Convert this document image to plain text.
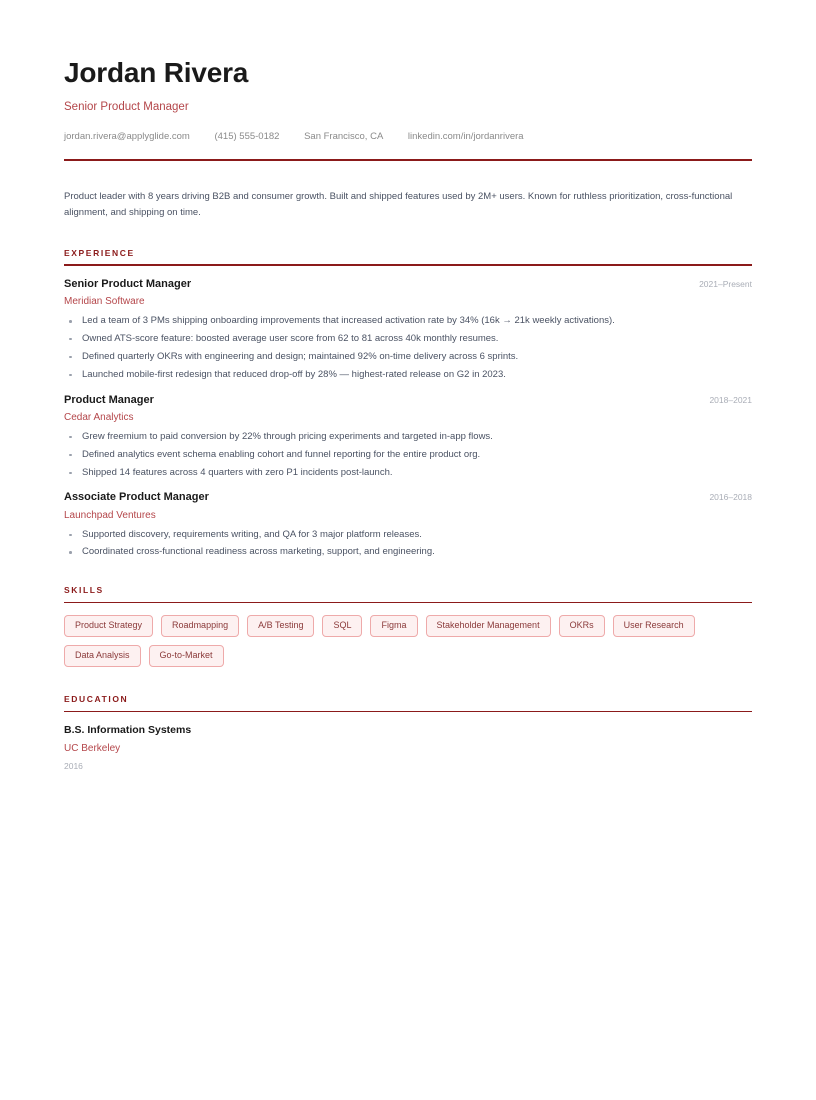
Jordan Rivera
Senior Product Manager
jordan.rivera@applyglide.com	(415) 555-0182	San Francisco, CA	linkedin.com/in/jordanrivera
Product leader with 8 years driving B2B and consumer growth. Built and shipped features used by 2M+ users. Known for ruthless prioritization, cross-functional alignment, and shipping on time.
EXPERIENCE
Senior Product Manager	2021–Present
Meridian Software
Led a team of 3 PMs shipping onboarding improvements that increased activation rate by 34% (16k → 21k weekly activations).
Owned ATS-score feature: boosted average user score from 62 to 81 across 40k monthly resumes.
Defined quarterly OKRs with engineering and design; maintained 92% on-time delivery across 6 sprints.
Launched mobile-first redesign that reduced drop-off by 28% — highest-rated release on G2 in 2023.
Product Manager	2018–2021
Cedar Analytics
Grew freemium to paid conversion by 22% through pricing experiments and targeted in-app flows.
Defined analytics event schema enabling cohort and funnel reporting for the entire product org.
Shipped 14 features across 4 quarters with zero P1 incidents post-launch.
Associate Product Manager	2016–2018
Launchpad Ventures
Supported discovery, requirements writing, and QA for 3 major platform releases.
Coordinated cross-functional readiness across marketing, support, and engineering.
SKILLS
Product Strategy	Roadmapping	A/B Testing	SQL	Figma	Stakeholder Management	OKRs	User Research
Data Analysis	Go-to-Market
EDUCATION
B.S. Information Systems
UC Berkeley
2016
